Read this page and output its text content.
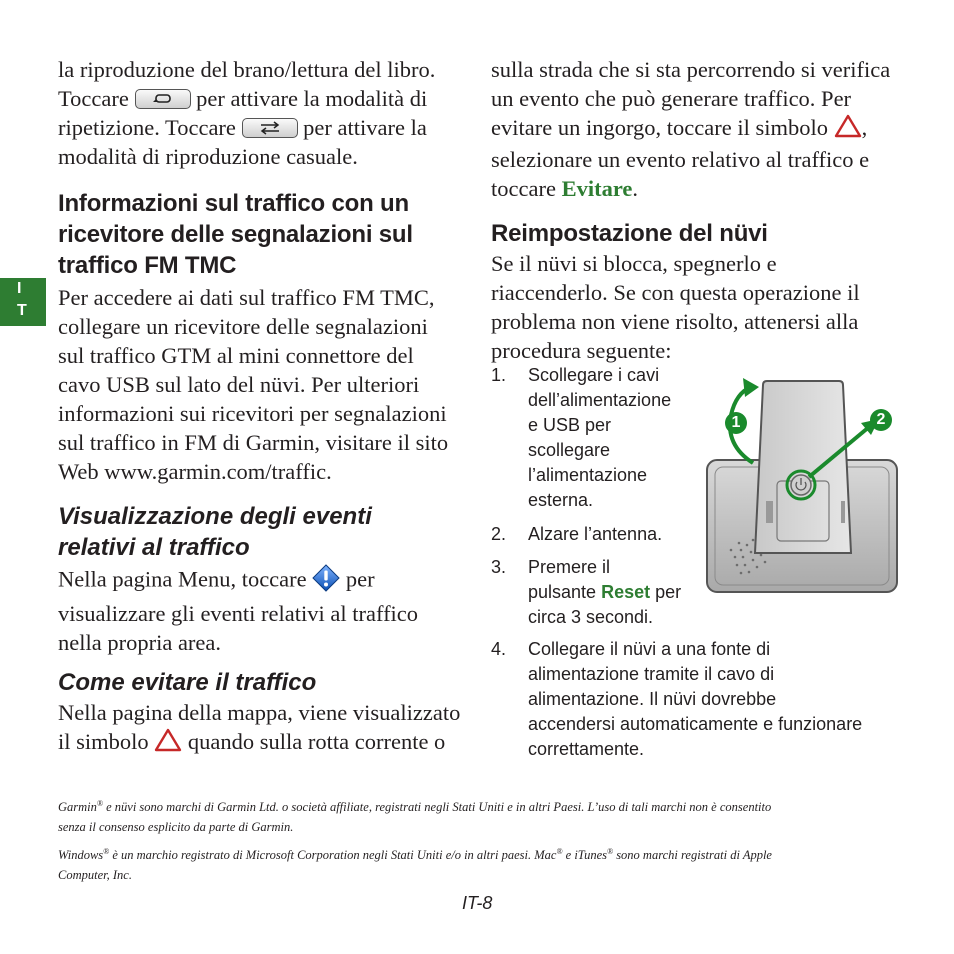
I
T
la riproduzione del brano/lettura del libro.
Toccare	per attivare la modalità di
ripetizione. Toccare	per attivare la
modalità di riproduzione casuale.
Informazioni sul traffico con un
ricevitore delle segnalazioni sul
traffico FM TMC
Per accedere ai dati sul traffico FM TMC,
collegare un ricevitore delle segnalazioni
sul traffico GTM al mini connettore del
cavo USB sul lato del nüvi. Per ulteriori
informazioni sui ricevitori per segnalazioni
sul traffico in FM di Garmin, visitare il sito
Web www.garmin.com/traffic.
Visualizzazione degli eventi
relativi al traffico
Nella pagina Menu, toccare per
visualizzare gli eventi relativi al traffico
nella propria area.
Come evitare il traffico
Nella pagina della mappa, viene visualizzato
il simbolo quando sulla rotta corrente o
sulla strada che si sta percorrendo si verifica
un evento che può generare traffico. Per
evitare un ingorgo, toccare il simbolo ,
selezionare un evento relativo al traffico e
toccare Evitare.
Reimpostazione del nüvi
Se il nüvi si blocca, spegnerlo e
riaccenderlo. Se con questa operazione il
problema non viene risolto, attenersi alla
procedura seguente:
1. Scollegare i cavi
dell’alimentazione
e USB per
scollegare
l’alimentazione
esterna.
2. Alzare l’antenna.
3. Premere il
pulsante Reset per
circa 3 secondi.
4. Collegare il nüvi a una fonte di
alimentazione tramite il cavo di
alimentazione. Il nüvi dovrebbe
accendersi automaticamente e funzionare
correttamente.
1	2
Garmin® e nüvi sono marchi di Garmin Ltd. o società affiliate, registrati negli Stati Uniti e in altri Paesi. L’uso di tali marchi non è consentito
senza il consenso esplicito da parte di Garmin.
Windows® è un marchio registrato di Microsoft Corporation negli Stati Uniti e/o in altri paesi. Mac® e iTunes® sono marchi registrati di Apple
Computer, Inc.
IT-8
